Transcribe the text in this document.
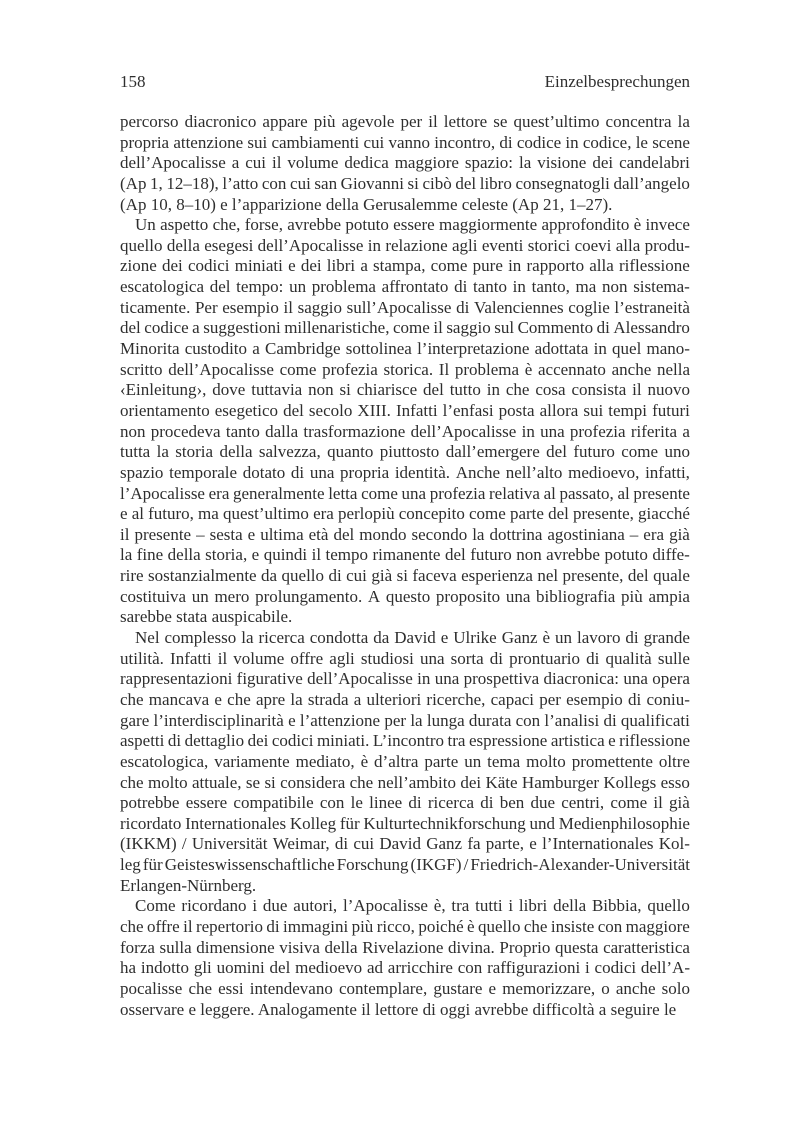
158	Einzelbesprechungen
percorso diacronico appare più agevole per il lettore se quest’ultimo concentra la
propria attenzione sui cambiamenti cui vanno incontro, di codice in codice, le scene
dell’Apocalisse a cui il volume dedica maggiore spazio: la visione dei candelabri
(Ap 1, 12–18), l’atto con cui san Giovanni si cibò del libro consegnatogli dall’angelo
(Ap 10, 8–10) e l’apparizione della Gerusalemme celeste (Ap 21, 1–27).
Un aspetto che, forse, avrebbe potuto essere maggiormente approfondito è invece
quello della esegesi dell’Apocalisse in relazione agli eventi storici coevi alla produ-
zione dei codici miniati e dei libri a stampa, come pure in rapporto alla riflessione
escatologica del tempo: un problema affrontato di tanto in tanto, ma non sistema-
ticamente. Per esempio il saggio sull’Apocalisse di Valenciennes coglie l’estraneità
del codice a suggestioni millenaristiche, come il saggio sul Commento di Alessandro
Minorita custodito a Cambridge sottolinea l’interpretazione adottata in quel mano-
scritto dell’Apocalisse come profezia storica. Il problema è accennato anche nella
‹Einleitung›, dove tuttavia non si chiarisce del tutto in che cosa consista il nuovo
orientamento esegetico del secolo XIII. Infatti l’enfasi posta allora sui tempi futuri
non procedeva tanto dalla trasformazione dell’Apocalisse in una profezia riferita a
tutta la storia della salvezza, quanto piuttosto dall’emergere del futuro come uno
spazio temporale dotato di una propria identità. Anche nell’alto medioevo, infatti,
l’Apocalisse era generalmente letta come una profezia relativa al passato, al presente
e al futuro, ma quest’ultimo era perlopiù concepito come parte del presente, giacché
il presente – sesta e ultima età del mondo secondo la dottrina agostiniana – era già
la fine della storia, e quindi il tempo rimanente del futuro non avrebbe potuto diffe-
rire sostanzialmente da quello di cui già si faceva esperienza nel presente, del quale
costituiva un mero prolungamento. A questo proposito una bibliografia più ampia
sarebbe stata auspicabile.
Nel complesso la ricerca condotta da David e Ulrike Ganz è un lavoro di grande
utilità. Infatti il volume offre agli studiosi una sorta di prontuario di qualità sulle
rappresentazioni figurative dell’Apocalisse in una prospettiva diacronica: una opera
che mancava e che apre la strada a ulteriori ricerche, capaci per esempio di coniu-
gare l’interdisciplinarità e l’attenzione per la lunga durata con l’analisi di qualificati
aspetti di dettaglio dei codici miniati. L’incontro tra espressione artistica e riflessione
escatologica, variamente mediato, è d’altra parte un tema molto promettente oltre
che molto attuale, se si considera che nell’ambito dei Käte Hamburger Kollegs esso
potrebbe essere compatibile con le linee di ricerca di ben due centri, come il già
ricordato Internationales Kolleg für Kulturtechnikforschung und Medienphilosophie
(IKKM) / Universität Weimar, di cui David Ganz fa parte, e l’Internationales Kol-
leg für Geisteswissenschaftliche Forschung (IKGF) / Friedrich-Alexander-Universität
Erlangen-Nürnberg.
Come ricordano i due autori, l’Apocalisse è, tra tutti i libri della Bibbia, quello
che offre il repertorio di immagini più ricco, poiché è quello che insiste con maggiore
forza sulla dimensione visiva della Rivelazione divina. Proprio questa caratteristica
ha indotto gli uomini del medioevo ad arricchire con raffigurazioni i codici dell’A-
pocalisse che essi intendevano contemplare, gustare e memorizzare, o anche solo
osservare e leggere. Analogamente il lettore di oggi avrebbe difficoltà a seguire le
